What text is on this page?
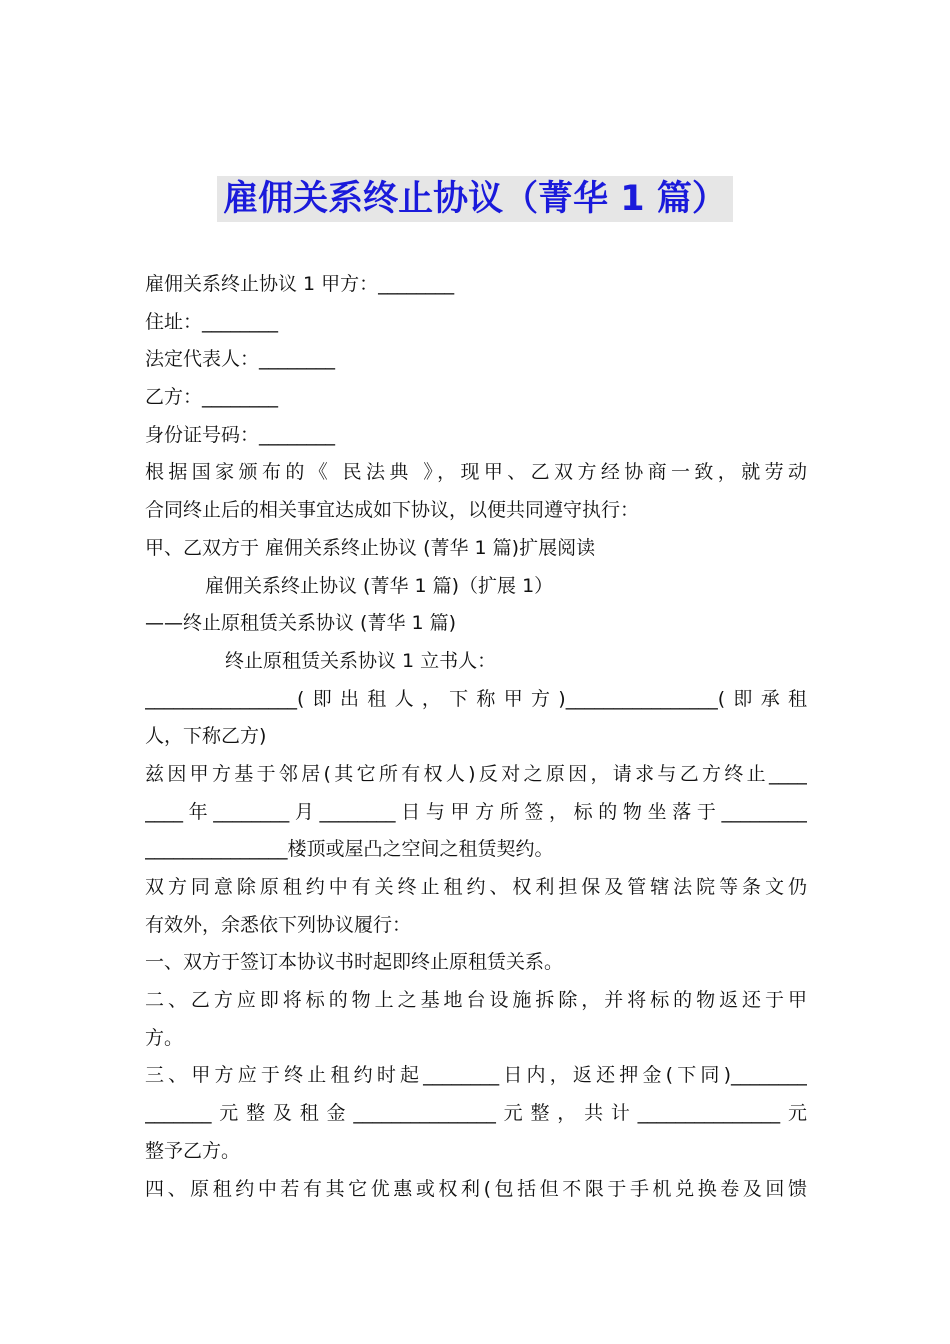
雇佣关系终止协议（菁华 1 篇）
雇佣关系终止协议 1 甲方：________
住址：________
法定代表人：________
乙方：________
身份证号码：________
根据国家颁布的《 民法典 》，现甲、乙双方经协商一致，就劳动
合同终止后的相关事宜达成如下协议，以便共同遵守执行：
甲、乙双方于 雇佣关系终止协议 (菁华 1 篇)扩展阅读
雇佣关系终止协议 (菁华 1 篇)（扩展 1）
——终止原租赁关系协议 (菁华 1 篇)
终止原租赁关系协议 1 立书人：
________________(即出租人，下称甲方)________________(即承租
人，下称乙方)
兹因甲方基于邻居(其它所有权人)反对之原因，请求与乙方终止____
____年________月________日与甲方所签，标的物坐落于_________
_______________楼顶或屋凸之空间之租赁契约。
双方同意除原租约中有关终止租约、权利担保及管辖法院等条文仍
有效外，余悉依下列协议履行：
一、双方于签订本协议书时起即终止原租赁关系。
二、乙方应即将标的物上之基地台设施拆除，并将标的物返还于甲
方。
三、甲方应于终止租约时起________日内，返还押金(下同)________
_______元整及租金_______________元整，共计_______________元
整予乙方。
四、原租约中若有其它优惠或权利(包括但不限于手机兑换卷及回馈
